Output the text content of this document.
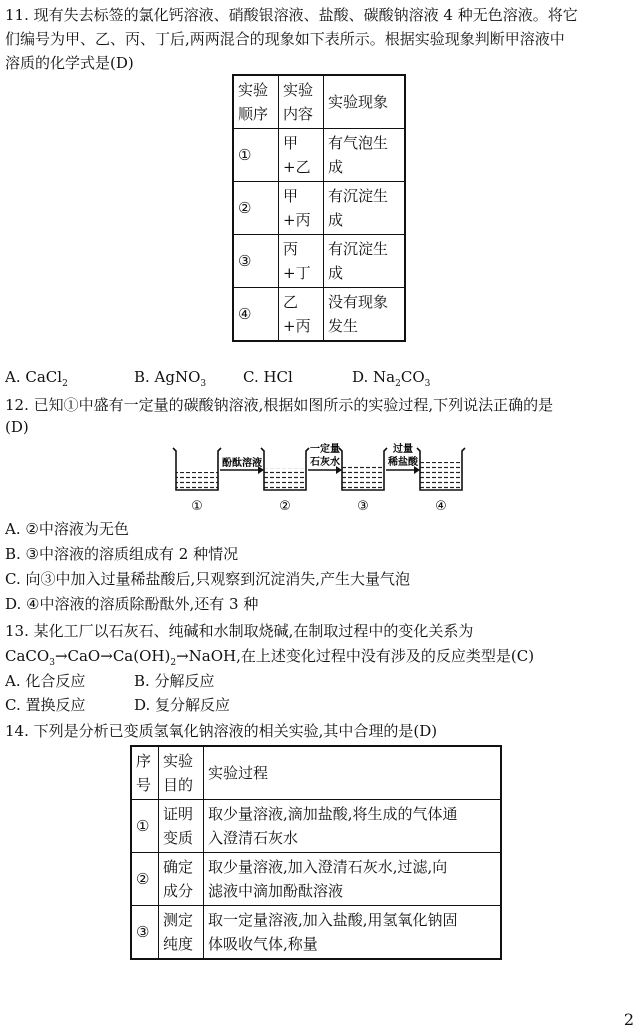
11. 现有失去标签的氯化钙溶液、硝酸银溶液、盐酸、碳酸钠溶液 4 种无色溶液。将它
们编号为甲、乙、丙、丁后,两两混合的现象如下表所示。根据实验现象判断甲溶液中
溶质的化学式是(D)
实验顺序	实验内容	实验现象
①	甲+乙	有气泡生成
②	甲+丙	有沉淀生成
③	丙+丁	有沉淀生成
④	乙+丙	没有现象发生
A. CaCl$_2$	B. AgNO$_3$ C. HCl	D. $Na_2CO_3$
12. 已知①中盛有一定量的碳酸钠溶液,根据如图所示的实验过程,下列说法正确的是
(D)
酚酞溶液
一定量
石灰水
过量
稀盐酸
①	②	③	④
A. ②中溶液为无色
B. ③中溶液的溶质组成有 2 种情况
C. 向③中加入过量稀盐酸后,只观察到沉淀消失,产生大量气泡
D. ④中溶液的溶质除酚酞外,还有 3 种
13. 某化工厂以石灰石、纯碱和水制取烧碱,在制取过程中的变化关系为
$CaCO_3\to CaO\to Ca(OH)_2\to NaOH$,在上述变化过程中没有涉及的反应类型是(C)
A. 化合反应	B. 分解反应
C. 置换反应	D. 复分解反应
14. 下列是分析已变质氢氧化钠溶液的相关实验,其中合理的是(D)
序号	实验目的	实验过程
①	证明变质	取少量溶液,滴加盐酸,将生成的气体通
入澄清石灰水
②	确定成分	取少量溶液,加入澄清石灰水,过滤,向
滤液中滴加酚酞溶液
③	测定纯度	取一定量溶液,加入盐酸,用氢氧化钠固
体吸收气体,称量
2
